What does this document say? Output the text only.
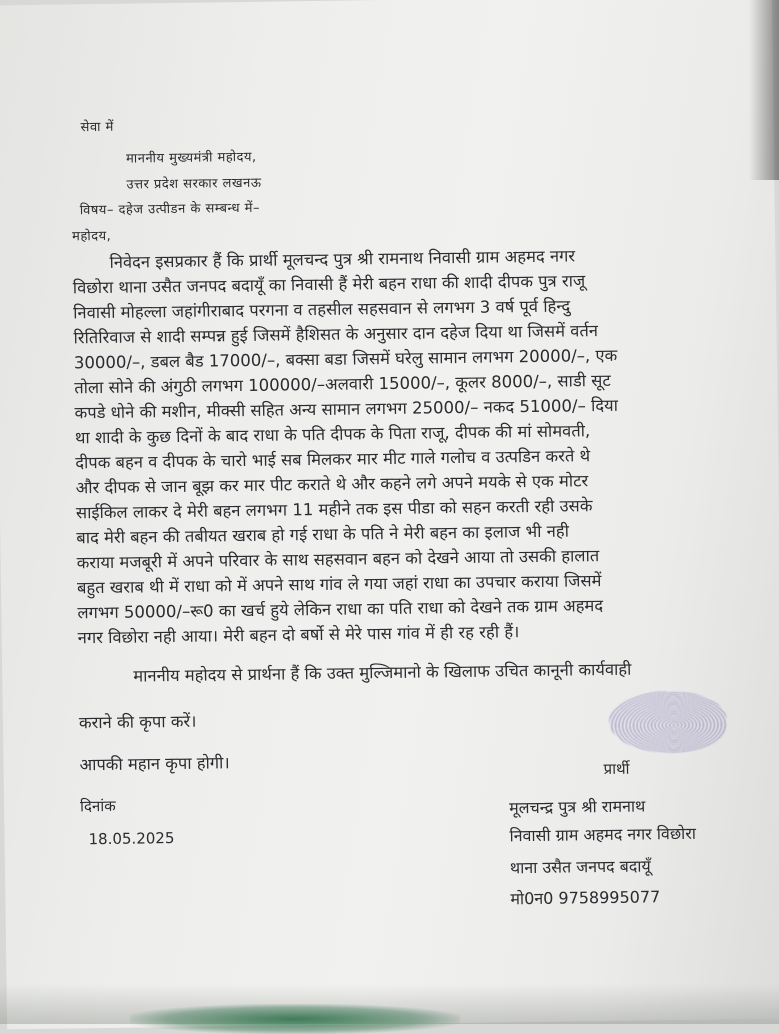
सेवा में
माननीय मुख्यमंत्री महोदय,
उत्तर प्रदेश सरकार लखनऊ
विषय– दहेज उत्पीडन के सम्बन्ध में–
महोदय,
निवेदन इसप्रकार हैं कि प्रार्थी मूलचन्द पुत्र श्री रामनाथ निवासी ग्राम अहमद नगर
विछोरा थाना उसैत जनपद बदायूँ का निवासी हैं मेरी बहन राधा की शादी दीपक पुत्र राजू
निवासी मोहल्ला जहांगीराबाद परगना व तहसील सहसवान से लगभग 3 वर्ष पूर्व हिन्दु
रितिरिवाज से शादी सम्पन्न हुई जिसमें हैशिसत के अनुसार दान दहेज दिया था जिसमें वर्तन
30000/–, डबल बैड 17000/–, बक्सा बडा जिसमें घरेलु सामान लगभग 20000/–, एक
तोला सोने की अंगुठी लगभग 100000/–अलवारी 15000/–, कूलर 8000/–, साडी सूट
कपडे धोने की मशीन, मीक्सी सहित अन्य सामान लगभग 25000/– नकद 51000/– दिया
था शादी के कुछ दिनों के बाद राधा के पति दीपक के पिता राजू, दीपक की मां सोमवती,
दीपक बहन व दीपक के चारो भाई सब मिलकर मार मीट गाले गलोच व उत्पडिन करते थे
और दीपक से जान बूझ कर मार पीट कराते थे और कहने लगे अपने मयके से एक मोटर
साईकिल लाकर दे मेरी बहन लगभग 11 महीने तक इस पीडा को सहन करती रही उसके
बाद मेरी बहन की तबीयत खराब हो गई राधा के पति ने मेरी बहन का इलाज भी नही
कराया मजबूरी में अपने परिवार के साथ सहसवान बहन को देखने आया तो उसकी हालात
बहुत खराब थी में राधा को में अपने साथ गांव ले गया जहां राधा का उपचार कराया जिसमें
लगभग 50000/–रू0 का खर्च हुये लेकिन राधा का पति राधा को देखने तक ग्राम अहमद
नगर विछोरा नही आया। मेरी बहन दो बर्षो से मेरे पास गांव में ही रह रही हैं।
माननीय महोदय से प्रार्थना हैं कि उक्त मुल्जिमानो के खिलाफ उचित कानूनी कार्यवाही
कराने की कृपा करें।
आपकी महान कृपा होगी।	प्रार्थी
दिनांक
18.05.2025
मूलचन्द्र पुत्र श्री रामनाथ
निवासी ग्राम अहमद नगर विछोरा
थाना उसैत जनपद बदायूँ
मो0न0 9758995077
